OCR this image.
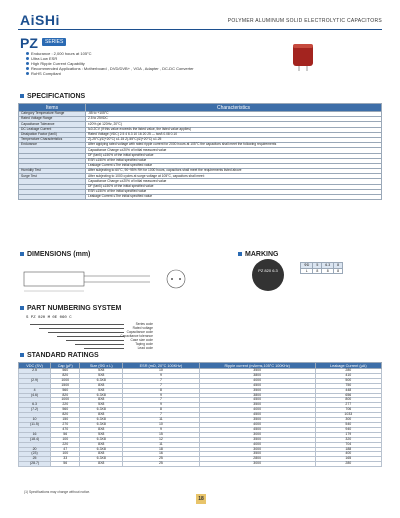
AiSHi	POLYMER ALUMINUM SOLID ELECTROLYTIC CAPACITORS
PZ	SERIES
Endurance : 2,000 hours at 105°C
Ultra Low ESR
High Ripple Current Capability
Recommended Applications : Motherboard , DVD/DVB+ , VGA , Adapter , DC-DC Converter
RoHS Compliant
SPECIFICATIONS
Items	Characteristics
Category Temperature Range	-55 to +105°C
Rated Voltage Range	2.5 to 25VDC
Capacitance Tolerance	±20% (at 120Hz, 20°C)
DC Leakage Current	I≤0.2CV (If this value exceeds the listed value, the listed value applies)
Dissipation Factor (tanδ)	Rated Voltage (VDC) 2.5 4 6.3 10 16 20 25 — tanδ 0.08 0.10
Temperature Characteristics	Z(-25°C)/Z(+20°C) ≤1.15 Z(-55°C)/Z(+20°C) ≤1.25
Endurance	After applying rated voltage with rated ripple current for 2000 hours at 105°C the capacitors shall meet the following requirements
	Capacitance Change ≤±20% of initial measured value
	DF (tanδ) ≤150% of the initial specified value
	ESR ≤150% of the initial specified value
	Leakage Current ≤The initial specified value
Humidity Test	After subjecting to 60°C, 90~95% RH for 1000 hours, capacitors shall meet the requirements listed above
Surge Test	After subjecting to 1000 cycles at surge voltage at 105°C, capacitors shall meet:
	Capacitance Change ≤±20% of initial measured value
	DF (tanδ) ≤150% of the initial specified value
	ESR ≤150% of the initial specified value
	Leakage Current ≤The initial specified value
DIMENSIONS (mm)	MARKING
PZ 820 6.3
ΦD	5	6.3	8
L	8	8	8
PART NUMBERING SYSTEM
S PZ 020 M 0E 060 C
Series code
Rated voltage
Capacitance code
Capacitance tolerance
Case size code
Taping code
Lead code
STANDARD RATINGS
VDC (SV)	Cap (µF)	Size (ΦD x L)	ESR (mΩ, 20°C 100KHz)	Ripple current (mArms,105°C 100KHz)	Leakage Current (µA)
2.5	560	5X8	10	3500	280
	820	5X8	9	3800	410
(2.9)	1000	6.3X8	7	4000	500
	1500	8X8	7	4500	750
4	560	5X8	8	3500	448
(4.6)	820	6.3X8	9	3800	656
	1000	8X8	7	4500	800
6.3	220	5X8	9	3500	277
(7.2)	560	6.3X8	8	4000	706
	820	8X8	7	4500	1033
10	150	6.3X8	11	3500	300
(11.5)	270	6.3X8	10	4000	540
	470	8X8	9	4500	940
16	56	5X8	15	3000	179
(18.4)	100	6.3X8	12	3500	320
	220	8X8	11	4000	704
20	47	6.3X8	18	3000	188
(23)	100	8X8	16	3500	400
25	33	6.3X8	25	2800	165
(28.7)	56	8X8	25	3000	280
(1) Specifications may change without notice.
18
